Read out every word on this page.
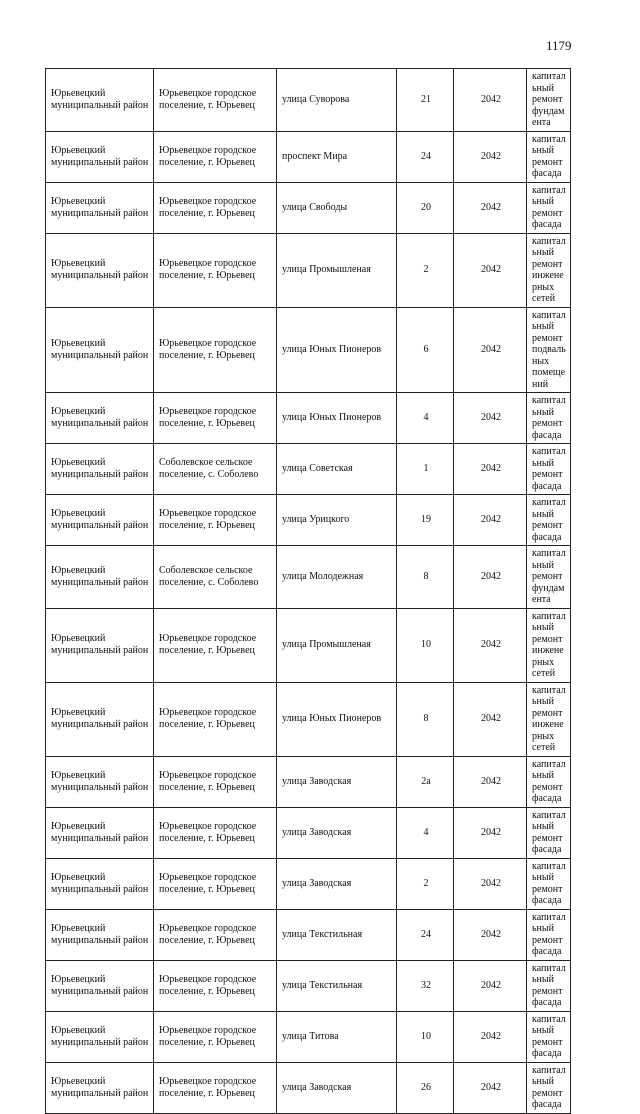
1179
Юрьевецкий муниципальный район	Юрьевецкое городское поселение, г. Юрьевец	улица Суворова	21	2042	капитальный ремонт фундамента
Юрьевецкий муниципальный район	Юрьевецкое городское поселение, г. Юрьевец	проспект Мира	24	2042	капитальный ремонт фасада
Юрьевецкий муниципальный район	Юрьевецкое городское поселение, г. Юрьевец	улица Свободы	20	2042	капитальный ремонт фасада
Юрьевецкий муниципальный район	Юрьевецкое городское поселение, г. Юрьевец	улица Промышленая	2	2042	капитальный ремонт инженерных сетей
Юрьевецкий муниципальный район	Юрьевецкое городское поселение, г. Юрьевец	улица Юных Пионеров	6	2042	капитальный ремонт подвальных помещений
Юрьевецкий муниципальный район	Юрьевецкое городское поселение, г. Юрьевец	улица Юных Пионеров	4	2042	капитальный ремонт фасада
Юрьевецкий муниципальный район	Соболевское сельское поселение, с. Соболево	улица Советская	1	2042	капитальный ремонт фасада
Юрьевецкий муниципальный район	Юрьевецкое городское поселение, г. Юрьевец	улица Урицкого	19	2042	капитальный ремонт фасада
Юрьевецкий муниципальный район	Соболевское сельское поселение, с. Соболево	улица Молодежная	8	2042	капитальный ремонт фундамента
Юрьевецкий муниципальный район	Юрьевецкое городское поселение, г. Юрьевец	улица Промышленая	10	2042	капитальный ремонт инженерных сетей
Юрьевецкий муниципальный район	Юрьевецкое городское поселение, г. Юрьевец	улица Юных Пионеров	8	2042	капитальный ремонт инженерных сетей
Юрьевецкий муниципальный район	Юрьевецкое городское поселение, г. Юрьевец	улица Заводская	2а	2042	капитальный ремонт фасада
Юрьевецкий муниципальный район	Юрьевецкое городское поселение, г. Юрьевец	улица Заводская	4	2042	капитальный ремонт фасада
Юрьевецкий муниципальный район	Юрьевецкое городское поселение, г. Юрьевец	улица Заводская	2	2042	капитальный ремонт фасада
Юрьевецкий муниципальный район	Юрьевецкое городское поселение, г. Юрьевец	улица Текстильная	24	2042	капитальный ремонт фасада
Юрьевецкий муниципальный район	Юрьевецкое городское поселение, г. Юрьевец	улица Текстильная	32	2042	капитальный ремонт фасада
Юрьевецкий муниципальный район	Юрьевецкое городское поселение, г. Юрьевец	улица Титова	10	2042	капитальный ремонт фасада
Юрьевецкий муниципальный район	Юрьевецкое городское поселение, г. Юрьевец	улица Заводская	26	2042	капитальный ремонт фасада
